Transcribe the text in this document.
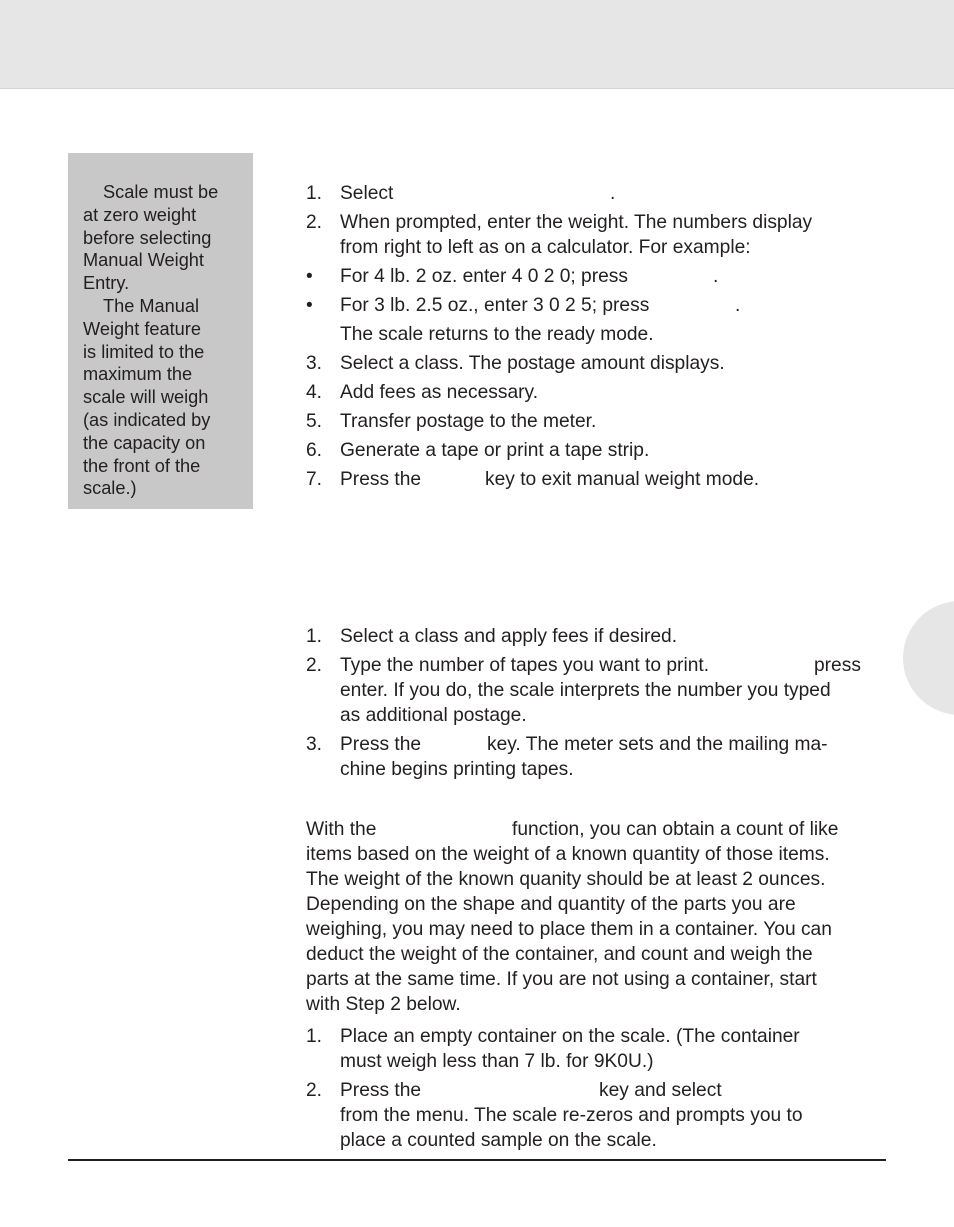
Scale must be
at zero weight
before selecting
Manual Weight
Entry.

The Manual
Weight feature
is limited to the
maximum the
scale will weigh
(as indicated by
the capacity on
the front of the
scale.)

1. Select	.
2. When prompted, enter the weight. The numbers display
from right to left as on a calculator. For example:
• For 4 lb. 2 oz. enter 4 0 2 0; press	.
• For 3 lb. 2.5 oz., enter 3 0 2 5; press	.
The scale returns to the ready mode.
3. Select a class. The postage amount displays.
4. Add fees as necessary.
5. Transfer postage to the meter.
6. Generate a tape or print a tape strip.
7. Press the	key to exit manual weight mode.
1. Select a class and apply fees if desired.
2. Type the number of tapes you want to print.	press
enter. If you do, the scale interprets the number you typed
as additional postage.
3. Press the	key. The meter sets and the mailing ma-
chine begins printing tapes.
With the	function, you can obtain a count of like
items based on the weight of a known quantity of those items.
The weight of the known quanity should be at least 2 ounces.
Depending on the shape and quantity of the parts you are
weighing, you may need to place them in a container. You can
deduct the weight of the container, and count and weigh the
parts at the same time. If you are not using a container, start
with Step 2 below.
1. Place an empty container on the scale. (The container
must weigh less than 7 lb. for 9K0U.)
2. Press the	key and select
from the menu. The scale re-zeros and prompts you to
place a counted sample on the scale.
